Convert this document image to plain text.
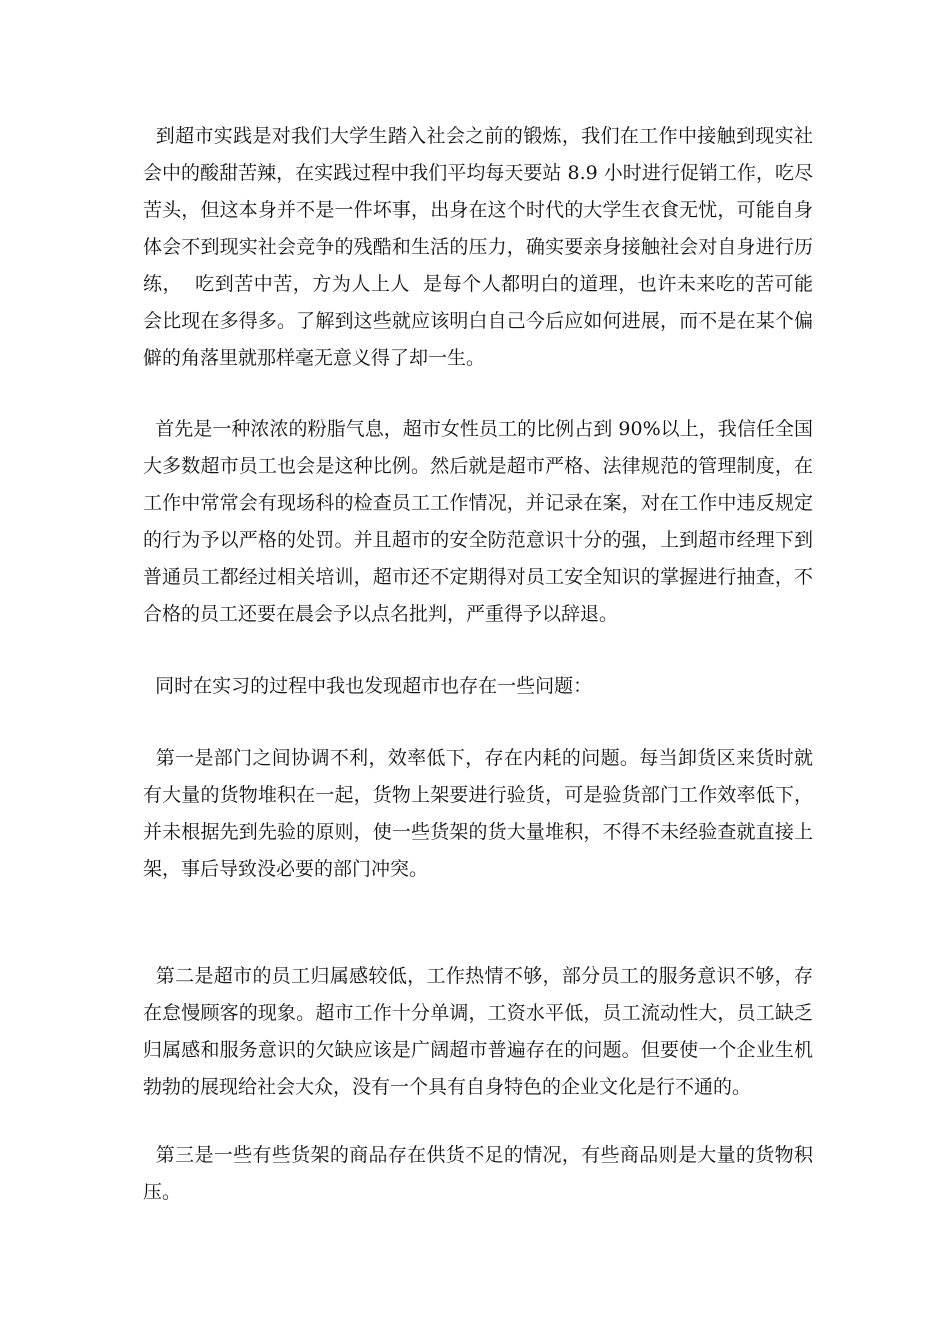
到超市实践是对我们大学生踏入社会之前的锻炼，我们在工作中接触到现实社会中的酸甜苦辣，在实践过程中我们平均每天要站 8.9 小时进行促销工作，吃尽苦头，但这本身并不是一件坏事，出身在这个时代的大学生衣食无忧，可能自身体会不到现实社会竞争的残酷和生活的压力，确实要亲身接触社会对自身进行历练，  吃到苦中苦，方为人上人  是每个人都明白的道理，也许未来吃的苦可能会比现在多得多。了解到这些就应该明白自己今后应如何进展，而不是在某个偏僻的角落里就那样毫无意义得了却一生。

首先是一种浓浓的粉脂气息，超市女性员工的比例占到 90%以上，我信任全国大多数超市员工也会是这种比例。然后就是超市严格、法律规范的管理制度，在工作中常常会有现场科的检查员工工作情况，并记录在案，对在工作中违反规定的行为予以严格的处罚。并且超市的安全防范意识十分的强，上到超市经理下到普通员工都经过相关培训，超市还不定期得对员工安全知识的掌握进行抽查，不合格的员工还要在晨会予以点名批判，严重得予以辞退。

同时在实习的过程中我也发现超市也存在一些问题：

第一是部门之间协调不利，效率低下，存在内耗的问题。每当卸货区来货时就有大量的货物堆积在一起，货物上架要进行验货，可是验货部门工作效率低下，并未根据先到先验的原则，使一些货架的货大量堆积，不得不未经验查就直接上架，事后导致没必要的部门冲突。

第二是超市的员工归属感较低，工作热情不够，部分员工的服务意识不够，存在怠慢顾客的现象。超市工作十分单调，工资水平低，员工流动性大，员工缺乏归属感和服务意识的欠缺应该是广阔超市普遍存在的问题。但要使一个企业生机勃勃的展现给社会大众，没有一个具有自身特色的企业文化是行不通的。

第三是一些有些货架的商品存在供货不足的情况，有些商品则是大量的货物积压。
